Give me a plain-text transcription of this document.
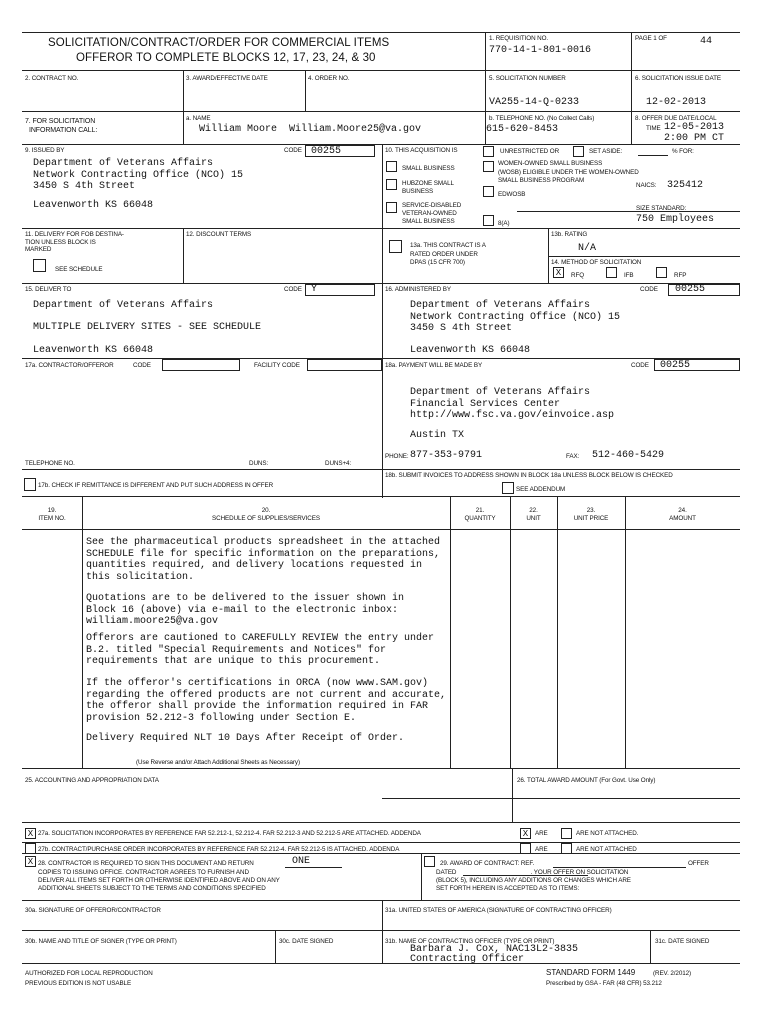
SOLICITATION/CONTRACT/ORDER FOR COMMERCIAL ITEMS
OFFEROR TO COMPLETE BLOCKS 12, 17, 23, 24, & 30
1. REQUISITION NO.
770-14-1-801-0016
PAGE 1 OF	44
2. CONTRACT NO.	3. AWARD/EFFECTIVE DATE	4. ORDER NO.	5. SOLICITATION NUMBER
VA255-14-Q-0233
6. SOLICITATION ISSUE DATE
12-02-2013
7. FOR SOLICITATION
INFORMATION CALL:
a. NAME
William Moore William.Moore25@va.gov
b. TELEPHONE NO. (No Collect Calls)
615-620-8453
8. OFFER DUE DATE/LOCAL
TIME 12-05-2013
2:00 PM CT
9. ISSUED BY	CODE 00255
Department of Veterans Affairs
Network Contracting Office (NCO) 15
3450 S 4th Street
Leavenworth KS 66048
10. THIS ACQUISITION IS	UNRESTRICTED OR	SET ASIDE:	% FOR:
SMALL BUSINESS
HUBZONE SMALL
BUSINESS
SERVICE-DISABLED
VETERAN-OWNED
SMALL BUSINESS
WOMEN-OWNED SMALL BUSINESS
(WOSB) ELIGIBLE UNDER THE WOMEN-OWNED
SMALL BUSINESS PROGRAM
EDWOSB
8(A)
NAICS: 325412
SIZE STANDARD:
750 Employees
11. DELIVERY FOR FOB DESTINA-
TION UNLESS BLOCK IS
MARKED
SEE SCHEDULE
12. DISCOUNT TERMS
13a. THIS CONTRACT IS A
RATED ORDER UNDER
DPAS (15 CFR 700)
13b. RATING
N/A
14. METHOD OF SOLICITATION
X	RFQ	IFB	RFP
15. DELIVER TO	CODE Y
Department of Veterans Affairs

MULTIPLE DELIVERY SITES - SEE SCHEDULE
Leavenworth KS 66048
16. ADMINISTERED BY	CODE 00255
Department of Veterans Affairs
Network Contracting Office (NCO) 15
3450 S 4th Street
Leavenworth KS 66048
17a. CONTRACTOR/OFFEROR	CODE	FACILITY CODE	18a. PAYMENT WILL BE MADE BY	CODE 00255
Department of Veterans Affairs
Financial Services Center
http://www.fsc.va.gov/einvoice.asp
Austin TX
TELEPHONE NO.	DUNS:	DUNS+4:
PHONE: 877-353-9791	FAX: 512-460-5429
17b. CHECK IF REMITTANCE IS DIFFERENT AND PUT SUCH ADDRESS IN OFFER
18b. SUBMIT INVOICES TO ADDRESS SHOWN IN BLOCK 18a UNLESS BLOCK BELOW IS CHECKED
SEE ADDENDUM
19.
ITEM NO.
20.
SCHEDULE OF SUPPLIES/SERVICES
21.
QUANTITY
22.
UNIT
23.
UNIT PRICE
24.
AMOUNT
See the pharmaceutical products spreadsheet in the attached
SCHEDULE file for specific information on the preparations,
quantities required, and delivery locations requested in
this solicitation.
Quotations are to be delivered to the issuer shown in
Block 16 (above) via e-mail to the electronic inbox:
william.moore25@va.gov
Offerors are cautioned to CAREFULLY REVIEW the entry under
B.2. titled "Special Requirements and Notices" for
requirements that are unique to this procurement.
If the offeror's certifications in ORCA (now www.SAM.gov)
regarding the offered products are not current and accurate,
the offeror shall provide the information required in FAR
provision 52.212-3 following under Section E.
Delivery Required NLT 10 Days After Receipt of Order.
(Use Reverse and/or Attach Additional Sheets as Necessary)
25. ACCOUNTING AND APPROPRIATION DATA	26. TOTAL AWARD AMOUNT (For Govt. Use Only)
X 27a. SOLICITATION INCORPORATES BY REFERENCE FAR 52.212-1, 52.212-4. FAR 52.212-3 AND 52.212-5 ARE ATTACHED. ADDENDA	X	ARE	ARE NOT ATTACHED.
27b. CONTRACT/PURCHASE ORDER INCORPORATES BY REFERENCE FAR 52.212-4. FAR 52.212-5 IS ATTACHED. ADDENDA	ARE	ARE NOT ATTACHED
X 28. CONTRACTOR IS REQUIRED TO SIGN THIS DOCUMENT AND RETURN	ONE
COPIES TO ISSUING OFFICE. CONTRACTOR AGREES TO FURNISH AND
DELIVER ALL ITEMS SET FORTH OR OTHERWISE IDENTIFIED ABOVE AND ON ANY
ADDITIONAL SHEETS SUBJECT TO THE TERMS AND CONDITIONS SPECIFIED
29. AWARD OF CONTRACT: REF.	OFFER
DATED                                             . YOUR OFFER ON SOLICITATION
(BLOCK 5), INCLUDING ANY ADDITIONS OR CHANGES WHICH ARE
SET FORTH HEREIN IS ACCEPTED AS TO ITEMS:
30a. SIGNATURE OF OFFEROR/CONTRACTOR	31a. UNITED STATES OF AMERICA (SIGNATURE OF CONTRACTING OFFICER)
30b. NAME AND TITLE OF SIGNER (TYPE OR PRINT)	30c. DATE SIGNED	31b. NAME OF CONTRACTING OFFICER (TYPE OR PRINT)
Barbara J. Cox, NAC13L2-3835
Contracting Officer
31c. DATE SIGNED
AUTHORIZED FOR LOCAL REPRODUCTION
PREVIOUS EDITION IS NOT USABLE
STANDARD FORM 1449	(REV. 2/2012)
Prescribed by GSA - FAR (48 CFR) 53.212
